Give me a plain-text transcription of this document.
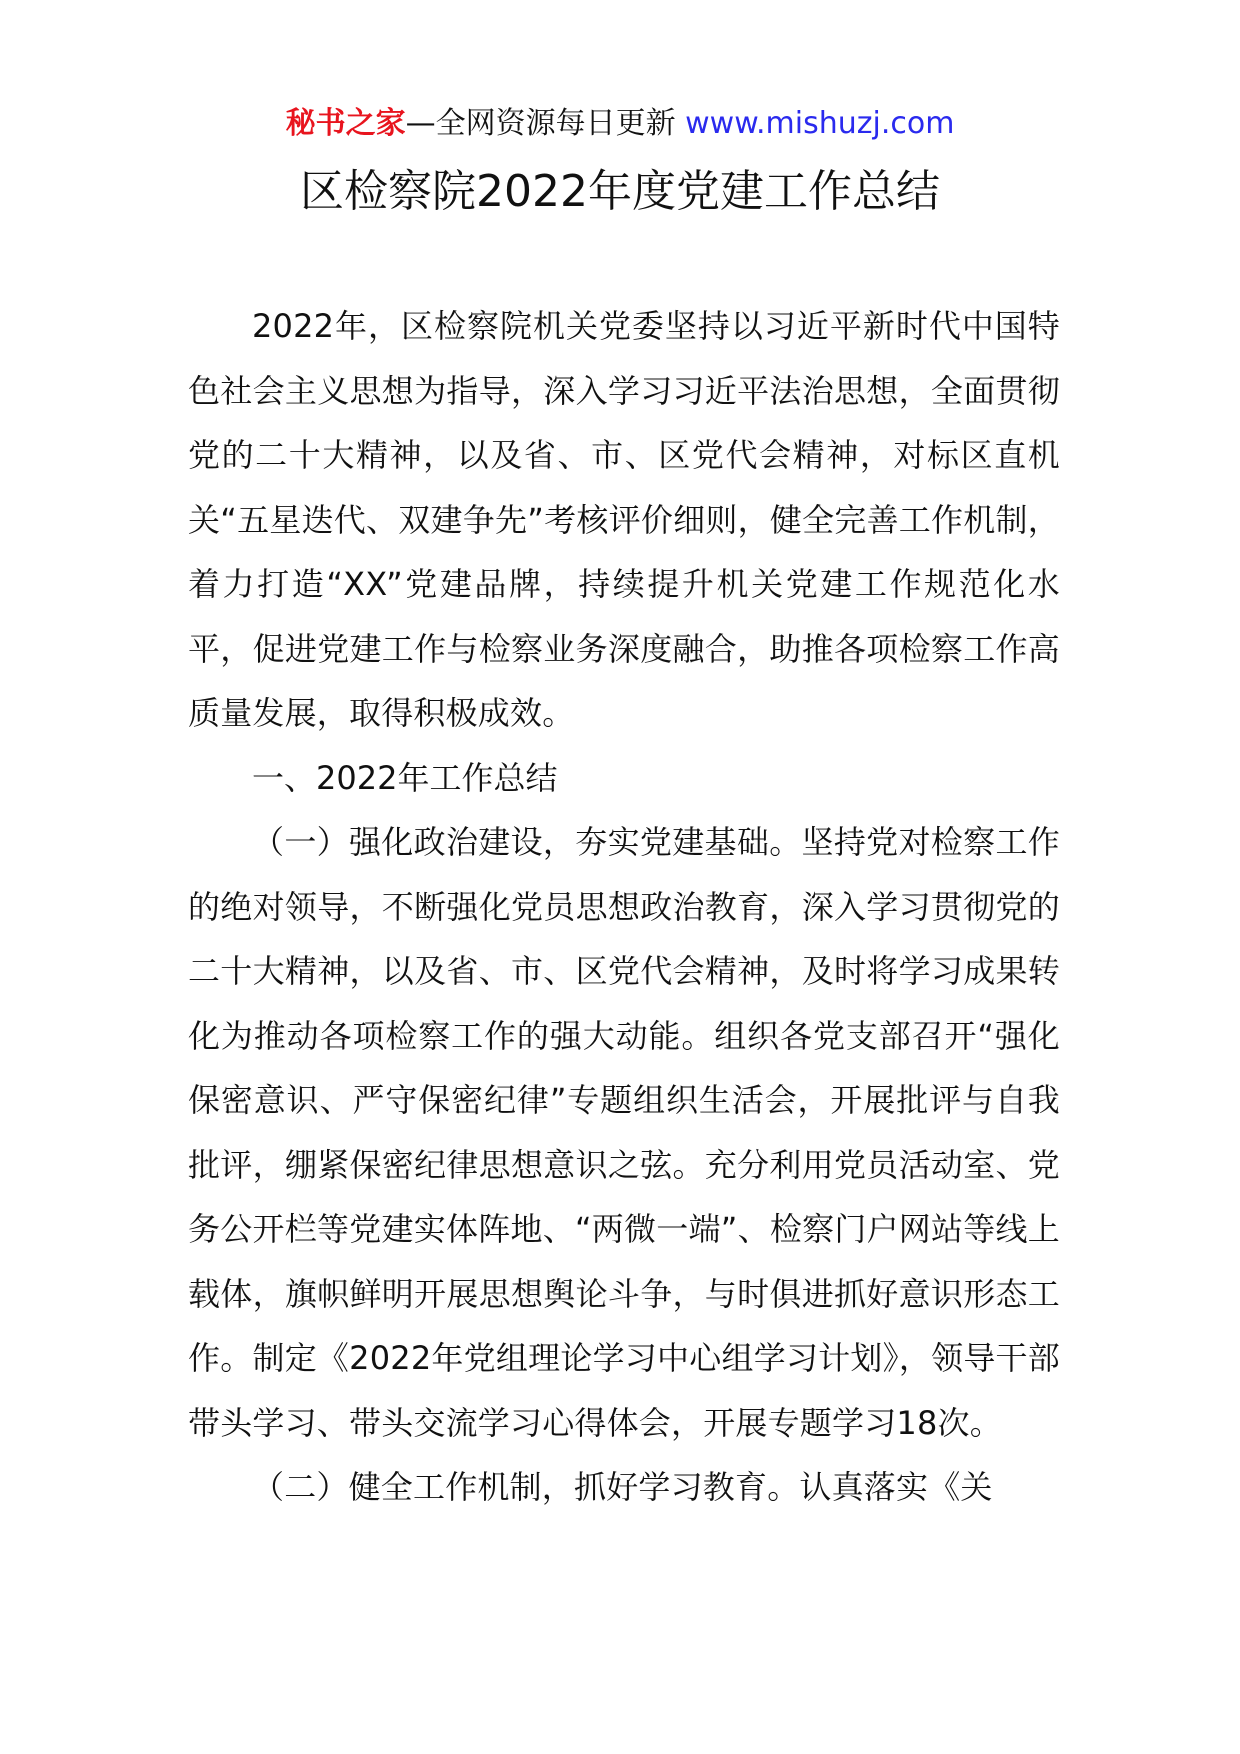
秘书之家—全网资源每日更新 www.mishuzj.com
区检察院2022年度党建工作总结

2022年，区检察院机关党委坚持以习近平新时代中国特色社会主义思想为指导，深入学习习近平法治思想，全面贯彻党的二十大精神，以及省、市、区党代会精神，对标区直机关“五星迭代、双建争先”考核评价细则，健全完善工作机制，着力打造“XX”党建品牌，持续提升机关党建工作规范化水平，促进党建工作与检察业务深度融合，助推各项检察工作高质量发展，取得积极成效。

一、2022年工作总结

（一）强化政治建设，夯实党建基础。坚持党对检察工作的绝对领导，不断强化党员思想政治教育，深入学习贯彻党的二十大精神，以及省、市、区党代会精神，及时将学习成果转化为推动各项检察工作的强大动能。组织各党支部召开“强化保密意识、严守保密纪律”专题组织生活会，开展批评与自我批评，绷紧保密纪律思想意识之弦。充分利用党员活动室、党务公开栏等党建实体阵地、“两微一端”、检察门户网站等线上载体，旗帜鲜明开展思想舆论斗争，与时俱进抓好意识形态工作。制定《2022年党组理论学习中心组学习计划》，领导干部带头学习、带头交流学习心得体会，开展专题学习18次。

（二）健全工作机制，抓好学习教育。认真落实《关
